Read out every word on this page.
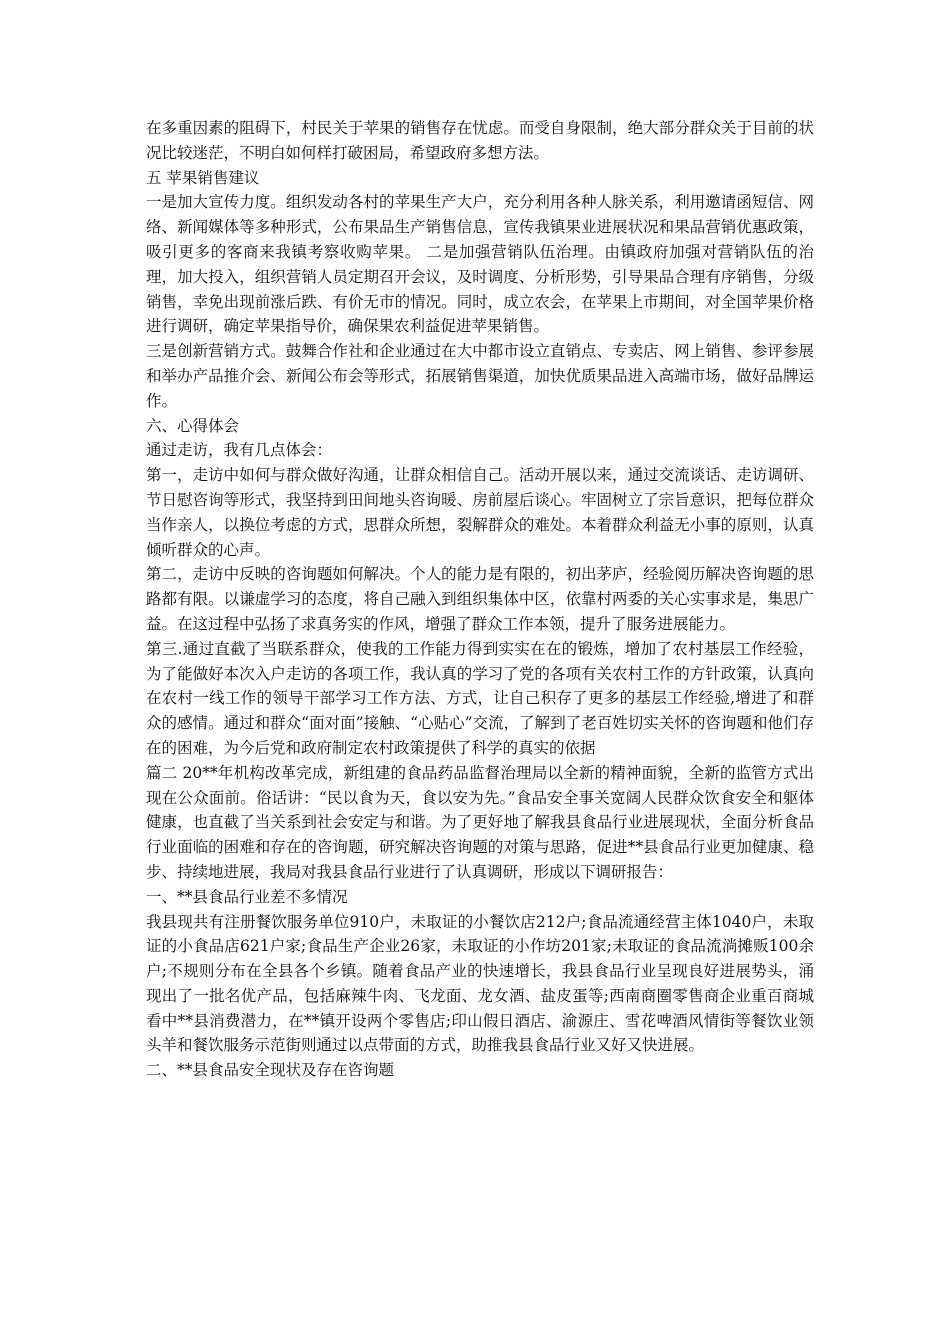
在多重因素的阻碍下，村民关于苹果的销售存在忧虑。而受自身限制，绝大部分群众关于目前的状况比较迷茫，不明白如何样打破困局，希望政府多想方法。

五 苹果销售建议

一是加大宣传力度。组织发动各村的苹果生产大户，充分利用各种人脉关系，利用邀请函短信、网络、新闻媒体等多种形式，公布果品生产销售信息，宣传我镇果业进展状况和果品营销优惠政策，吸引更多的客商来我镇考察收购苹果。 二是加强营销队伍治理。由镇政府加强对营销队伍的治理，加大投入，组织营销人员定期召开会议，及时调度、分析形势，引导果品合理有序销售，分级销售，幸免出现前涨后跌、有价无市的情况。同时，成立农会，在苹果上市期间，对全国苹果价格进行调研，确定苹果指导价，确保果农利益促进苹果销售。

三是创新营销方式。鼓舞合作社和企业通过在大中都市设立直销点、专卖店、网上销售、参评参展和举办产品推介会、新闻公布会等形式，拓展销售渠道，加快优质果品进入高端市场，做好品牌运作。

六、心得体会

通过走访，我有几点体会：

第一，走访中如何与群众做好沟通，让群众相信自己。活动开展以来，通过交流谈话、走访调研、节日慰咨询等形式，我坚持到田间地头咨询暖、房前屋后谈心。牢固树立了宗旨意识，把每位群众当作亲人，以换位考虑的方式，思群众所想，裂解群众的难处。本着群众利益无小事的原则，认真倾听群众的心声。

第二，走访中反映的咨询题如何解决。个人的能力是有限的，初出茅庐，经验阅历解决咨询题的思路都有限。以谦虚学习的态度，将自己融入到组织集体中区，依靠村两委的关心实事求是，集思广益。在这过程中弘扬了求真务实的作风，增强了群众工作本领，提升了服务进展能力。

第三.通过直截了当联系群众，使我的工作能力得到实实在在的锻炼，增加了农村基层工作经验，为了能做好本次入户走访的各项工作，我认真的学习了党的各项有关农村工作的方针政策，认真向在农村一线工作的领导干部学习工作方法、方式，让自己积存了更多的基层工作经验,增进了和群众的感情。通过和群众“面对面”接触、“心贴心”交流，了解到了老百姓切实关怀的咨询题和他们存在的困难，为今后党和政府制定农村政策提供了科学的真实的依据

篇二 20**年机构改革完成，新组建的食品药品监督治理局以全新的精神面貌，全新的监管方式出现在公众面前。俗话讲：“民以食为天，食以安为先。”食品安全事关宽阔人民群众饮食安全和躯体健康，也直截了当关系到社会安定与和谐。为了更好地了解我县食品行业进展现状，全面分析食品行业面临的困难和存在的咨询题，研究解决咨询题的对策与思路，促进**县食品行业更加健康、稳步、持续地进展，我局对我县食品行业进行了认真调研，形成以下调研报告：

一、**县食品行业差不多情况

我县现共有注册餐饮服务单位910户，未取证的小餐饮店212户;食品流通经营主体1040户，未取证的小食品店621户家;食品生产企业26家，未取证的小作坊201家;未取证的食品流淌摊贩100余户;不规则分布在全县各个乡镇。随着食品产业的快速增长，我县食品行业呈现良好进展势头，涌现出了一批名优产品，包括麻辣牛肉、飞龙面、龙女酒、盐皮蛋等;西南商圈零售商企业重百商城看中**县消费潜力，在**镇开设两个零售店;印山假日酒店、渝源庄、雪花啤酒风情街等餐饮业领头羊和餐饮服务示范街则通过以点带面的方式，助推我县食品行业又好又快进展。

二、**县食品安全现状及存在咨询题
